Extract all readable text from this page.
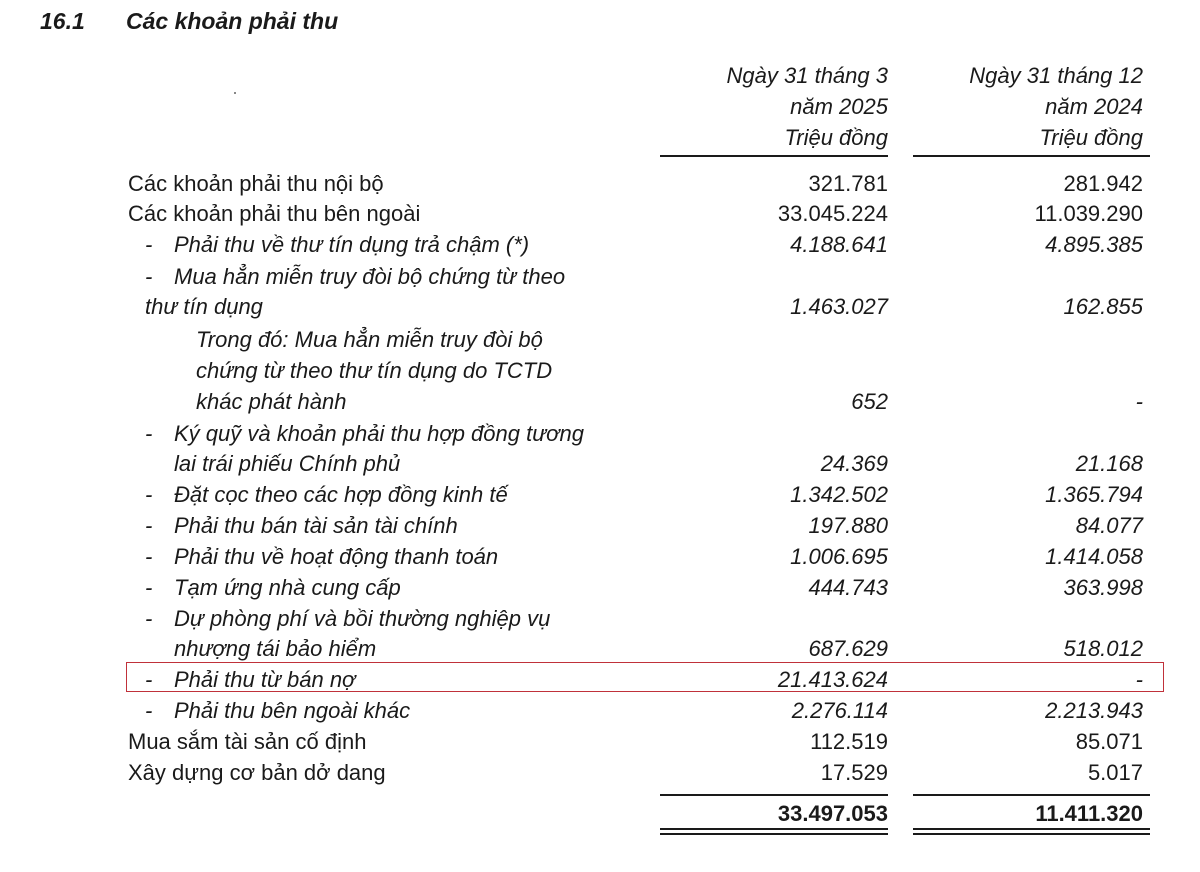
16.1 Các khoản phải thu
Ngày 31 tháng 3
năm 2025
Triệu đồng
Ngày 31 tháng 12
năm 2024
Triệu đồng
Các khoản phải thu nội bộ	321.781	281.942
Các khoản phải thu bên ngoài	33.045.224	11.039.290
- Phải thu về thư tín dụng trả chậm (*)	4.188.641	4.895.385
- Mua hẳn miễn truy đòi bộ chứng từ theo
thư tín dụng	1.463.027	162.855
Trong đó: Mua hẳn miễn truy đòi bộ
chứng từ theo thư tín dụng do TCTD
khác phát hành	652	-
- Ký quỹ và khoản phải thu hợp đồng tương
lai trái phiếu Chính phủ	24.369	21.168
- Đặt cọc theo các hợp đồng kinh tế	1.342.502	1.365.794
- Phải thu bán tài sản tài chính	197.880	84.077
- Phải thu về hoạt động thanh toán	1.006.695	1.414.058
- Tạm ứng nhà cung cấp	444.743	363.998
- Dự phòng phí và bồi thường nghiệp vụ
nhượng tái bảo hiểm	687.629	518.012
- Phải thu từ bán nợ	21.413.624	-
- Phải thu bên ngoài khác	2.276.114	2.213.943
Mua sắm tài sản cố định	112.519	85.071
Xây dựng cơ bản dở dang	17.529	5.017
33.497.053	11.411.320
